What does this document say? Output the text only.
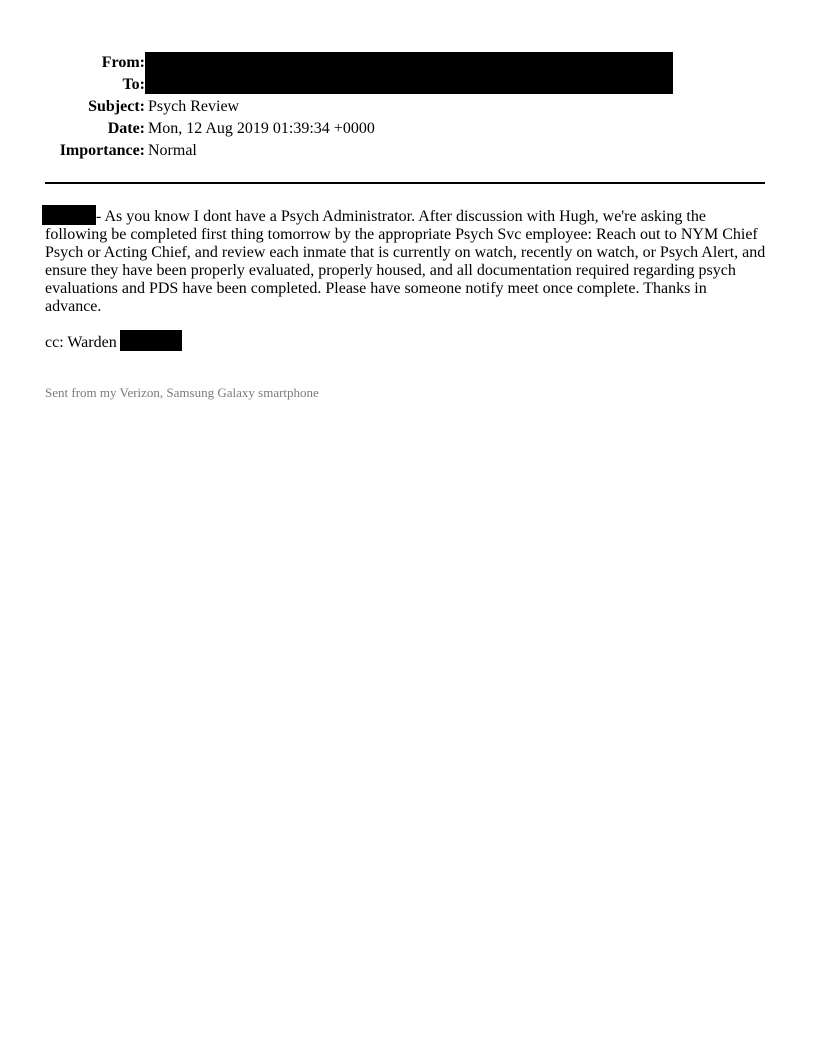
From:
To:
Subject: Psych Review
Date: Mon, 12 Aug 2019 01:39:34 +0000
Importance: Normal
- As you know I dont have a Psych Administrator. After discussion with Hugh, we're asking the following be completed first thing tomorrow by the appropriate Psych Svc employee: Reach out to NYM Chief Psych or Acting Chief, and review each inmate that is currently on watch, recently on watch, or Psych Alert, and ensure they have been properly evaluated, properly housed, and all documentation required regarding psych evaluations and PDS have been completed. Please have someone notify meet once complete. Thanks in advance.
cc: Warden
Sent from my Verizon, Samsung Galaxy smartphone
